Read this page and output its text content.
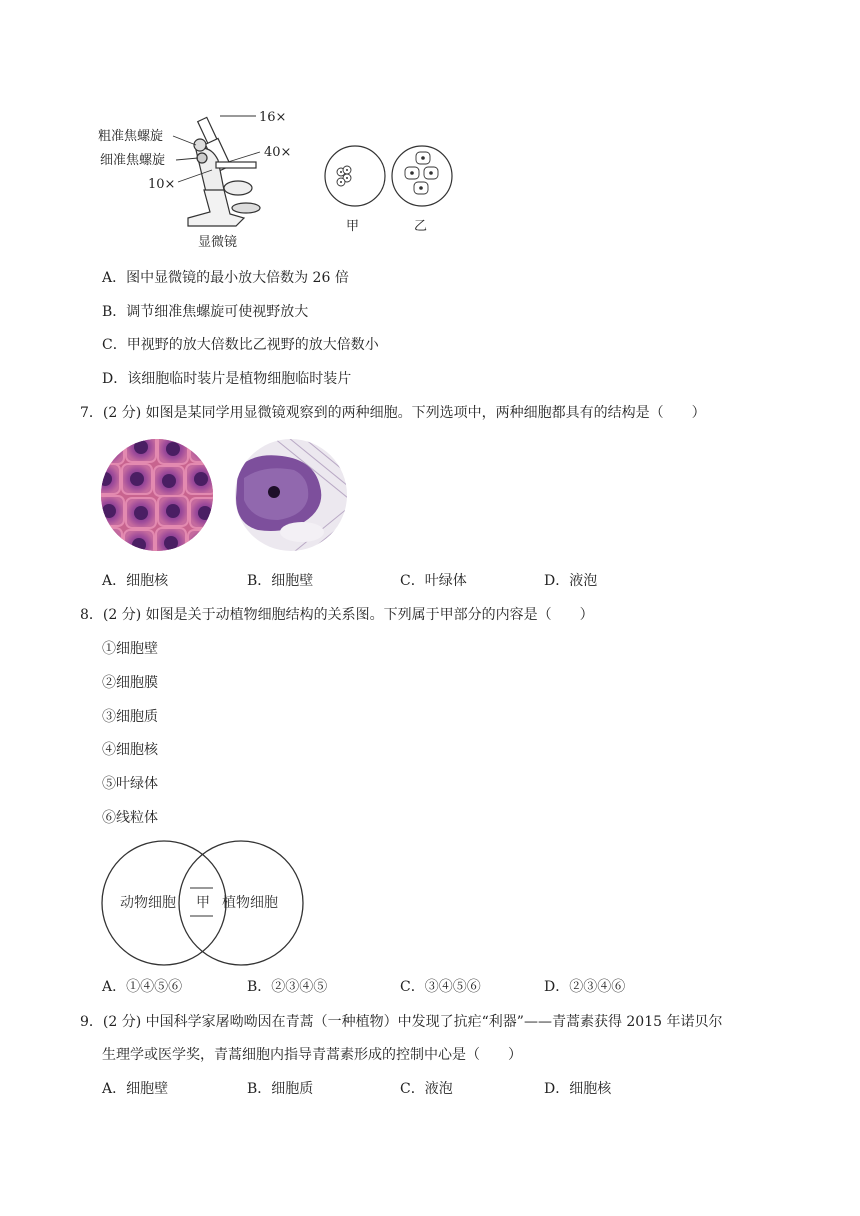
16×
粗准焦螺旋
细准焦螺旋
40×
10×
显微镜
甲	乙
A．图中显微镜的最小放大倍数为 26 倍
B．调节细准焦螺旋可使视野放大
C．甲视野的放大倍数比乙视野的放大倍数小
D．该细胞临时装片是植物细胞临时装片
7．(2 分) 如图是某同学用显微镜观察到的两种细胞。下列选项中，两种细胞都具有的结构是（　　）
A．细胞核	B．细胞壁	C．叶绿体	D．液泡
8．(2 分) 如图是关于动植物细胞结构的关系图。下列属于甲部分的内容是（　　）
①细胞壁
②细胞膜
③细胞质
④细胞核
⑤叶绿体
⑥线粒体
动物细胞 甲 植物细胞
A．①④⑤⑥	B．②③④⑤	C．③④⑤⑥	D．②③④⑥
9．(2 分) 中国科学家屠呦呦因在青蒿（一种植物）中发现了抗疟“利器”——青蒿素获得 2015 年诺贝尔
生理学或医学奖，青蒿细胞内指导青蒿素形成的控制中心是（　　）
A．细胞壁	B．细胞质	C．液泡	D．细胞核
